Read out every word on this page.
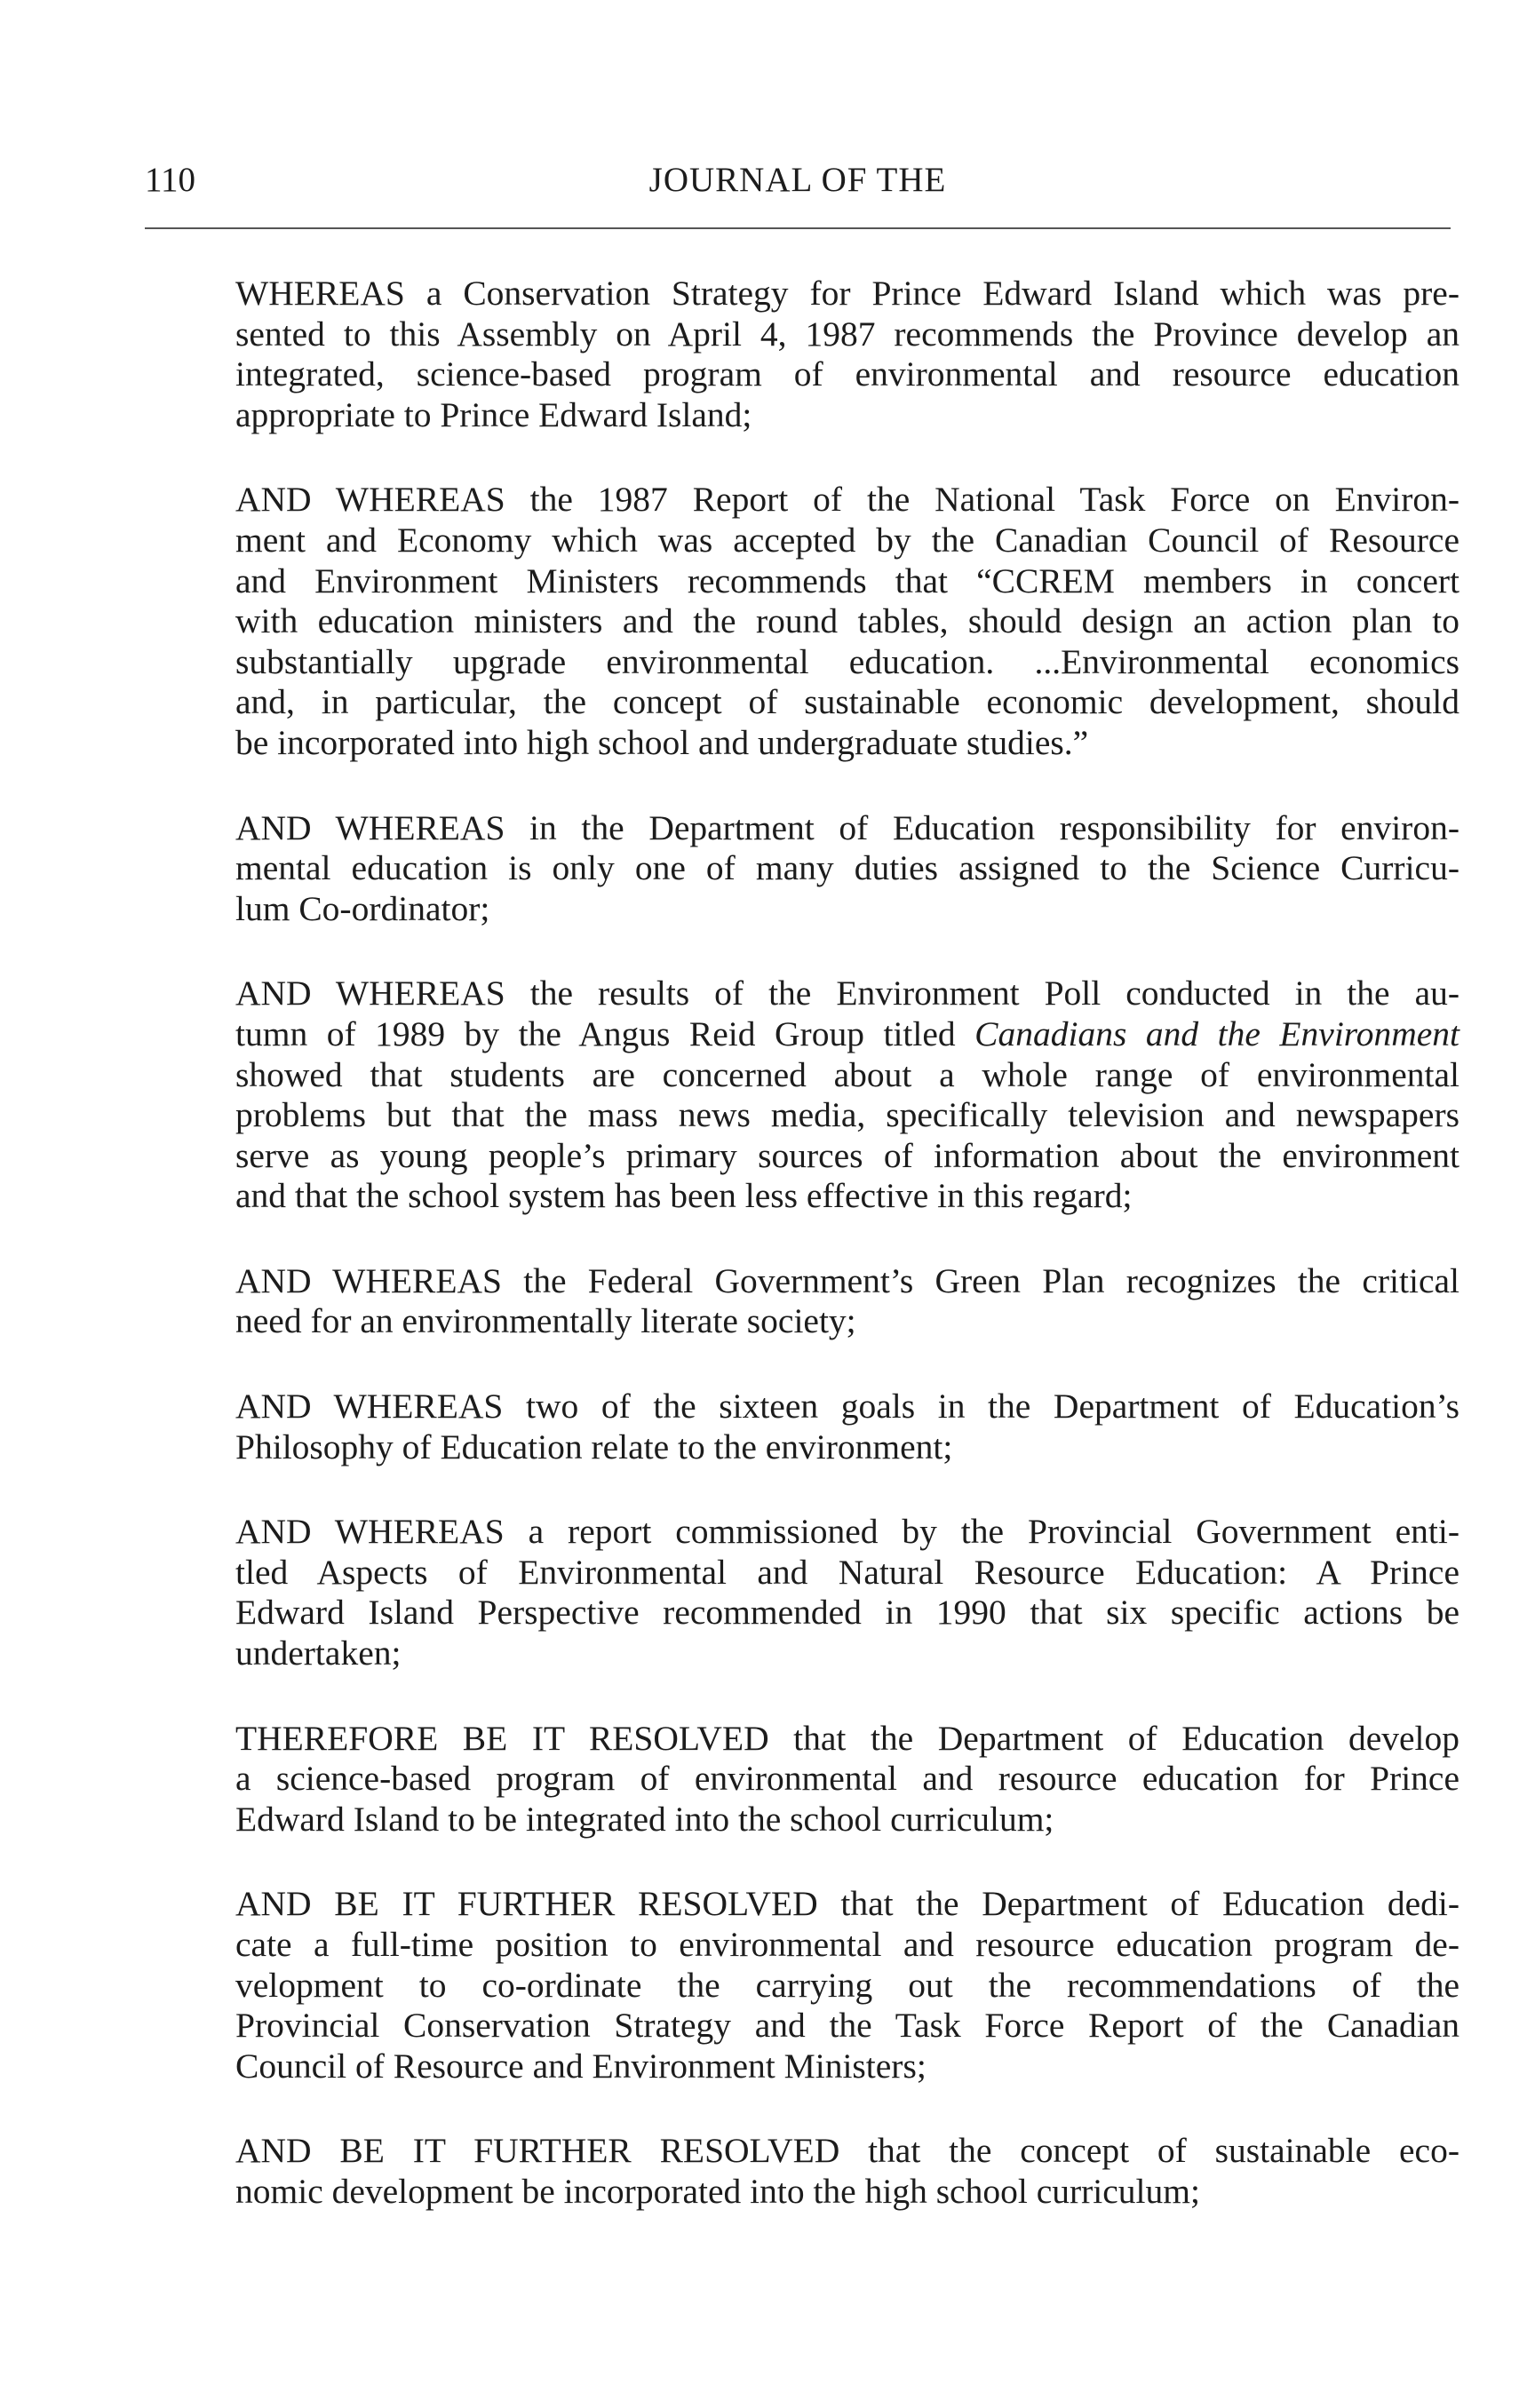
110	JOURNAL OF THE

WHEREAS a Conservation Strategy for Prince Edward Island which was pre-
sented to this Assembly on April 4, 1987 recommends the Province develop an
integrated, science-based program of environmental and resource education
appropriate to Prince Edward Island;

AND WHEREAS the 1987 Report of the National Task Force on Environ-
ment and Economy which was accepted by the Canadian Council of Resource
and Environment Ministers recommends that “CCREM members in concert
with education ministers and the round tables, should design an action plan to
substantially upgrade environmental education. ...Environmental economics
and, in particular, the concept of sustainable economic development, should
be incorporated into high school and undergraduate studies.”

AND WHEREAS in the Department of Education responsibility for environ-
mental education is only one of many duties assigned to the Science Curricu-
lum Co-ordinator;

AND WHEREAS the results of the Environment Poll conducted in the au-
tumn of 1989 by the Angus Reid Group titled Canadians and the Environment
showed that students are concerned about a whole range of environmental
problems but that the mass news media, specifically television and newspapers
serve as young people’s primary sources of information about the environment
and that the school system has been less effective in this regard;

AND WHEREAS the Federal Government’s Green Plan recognizes the critical
need for an environmentally literate society;

AND WHEREAS two of the sixteen goals in the Department of Education’s
Philosophy of Education relate to the environment;

AND WHEREAS a report commissioned by the Provincial Government enti-
tled Aspects of Environmental and Natural Resource Education: A Prince
Edward Island Perspective recommended in 1990 that six specific actions be
undertaken;

THEREFORE BE IT RESOLVED that the Department of Education develop
a science-based program of environmental and resource education for Prince
Edward Island to be integrated into the school curriculum;

AND BE IT FURTHER RESOLVED that the Department of Education dedi-
cate a full-time position to environmental and resource education program de-
velopment to co-ordinate the carrying out the recommendations of the
Provincial Conservation Strategy and the Task Force Report of the Canadian
Council of Resource and Environment Ministers;

AND BE IT FURTHER RESOLVED that the concept of sustainable eco-
nomic development be incorporated into the high school curriculum;
